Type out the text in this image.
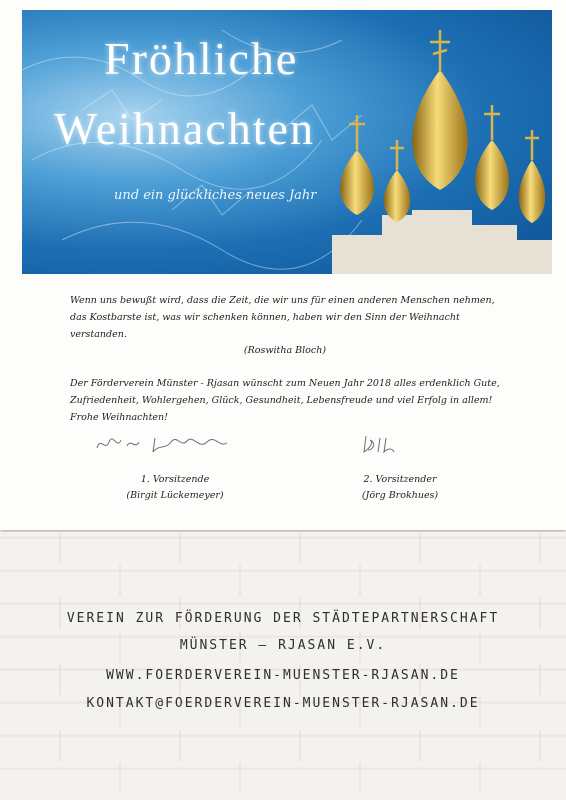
Fröhliche
Weihnachten
und ein glückliches neues Jahr
Wenn uns bewußt wird, dass die Zeit, die wir uns für einen anderen Menschen nehmen, das Kostbarste ist, was wir schenken können, haben wir den Sinn der Weihnacht verstanden.
(Roswitha Bloch)
Der Förderverein Münster - Rjasan wünscht zum Neuen Jahr 2018 alles erdenklich Gute, Zufriedenheit, Wohlergehen, Glück, Gesundheit, Lebensfreude und viel Erfolg in allem! Frohe Weihnachten!
1. Vorsitzende
(Birgit Lückemeyer)
2. Vorsitzender
(Jörg Brokhues)
VEREIN ZUR FÖRDERUNG DER STÄDTEPARTNERSCHAFT
MÜNSTER – RJASAN E.V.
WWW.FOERDERVEREIN-MUENSTER-RJASAN.DE
KONTAKT@FOERDERVEREIN-MUENSTER-RJASAN.DE
